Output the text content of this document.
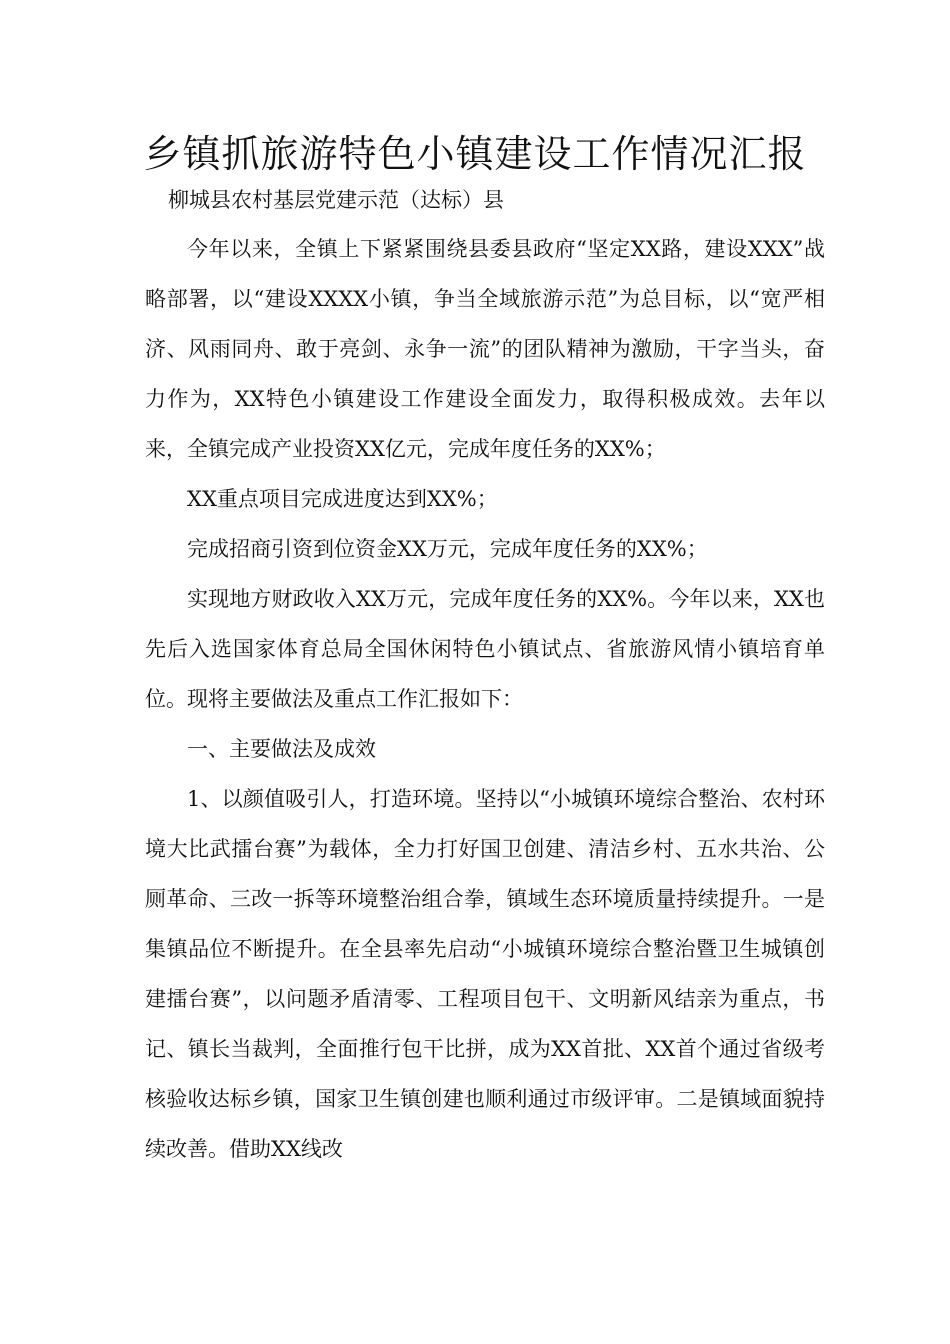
乡镇抓旅游特色小镇建设工作情况汇报

柳城县农村基层党建示范（达标）县

今年以来，全镇上下紧紧围绕县委县政府“坚定XX路，建设XXX”战略部署，以“建设XXXX小镇，争当全域旅游示范”为总目标，以“宽严相济、风雨同舟、敢于亮剑、永争一流”的团队精神为激励，干字当头，奋力作为，XX特色小镇建设工作建设全面发力，取得积极成效。去年以来，全镇完成产业投资XX亿元，完成年度任务的XX%；

XX重点项目完成进度达到XX%；

完成招商引资到位资金XX万元，完成年度任务的XX%；

实现地方财政收入XX万元，完成年度任务的XX%。今年以来，XX也先后入选国家体育总局全国休闲特色小镇试点、省旅游风情小镇培育单位。现将主要做法及重点工作汇报如下：

一、主要做法及成效

1、以颜值吸引人，打造环境。坚持以“小城镇环境综合整治、农村环境大比武擂台赛”为载体，全力打好国卫创建、清洁乡村、五水共治、公厕革命、三改一拆等环境整治组合拳，镇域生态环境质量持续提升。一是集镇品位不断提升。在全县率先启动“小城镇环境综合整治暨卫生城镇创建擂台赛”，以问题矛盾清零、工程项目包干、文明新风结亲为重点，书记、镇长当裁判，全面推行包干比拼，成为XX首批、XX首个通过省级考核验收达标乡镇，国家卫生镇创建也顺利通过市级评审。二是镇域面貌持续改善。借助XX线改
